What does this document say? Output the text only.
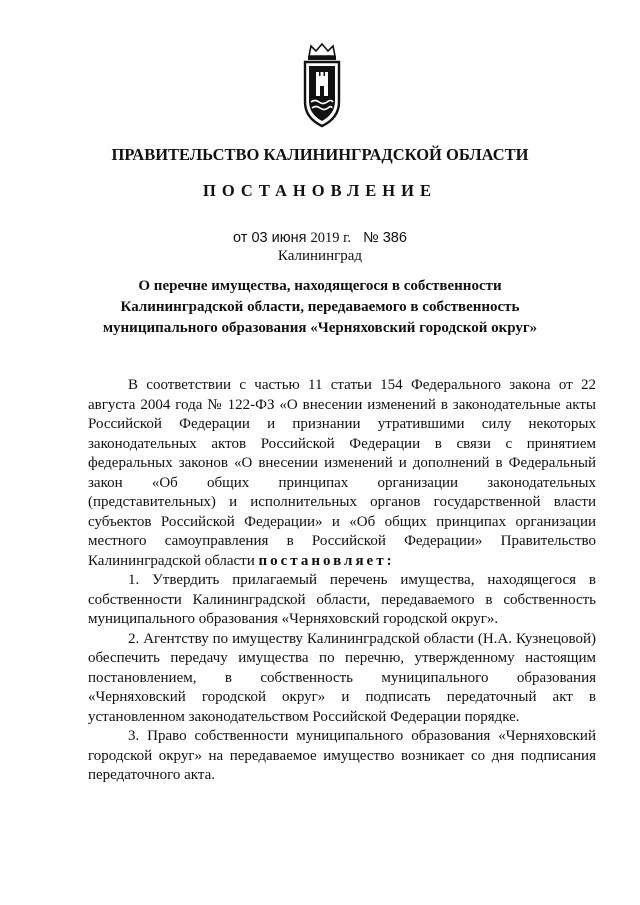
ПРАВИТЕЛЬСТВО КАЛИНИНГРАДСКОЙ ОБЛАСТИ
ПОСТАНОВЛЕНИЕ
от 03 июня 2019 г. № 386
Калининград
О перечне имущества, находящегося в собственности
Калининградской области, передаваемого в собственность
муниципального образования «Черняховский городской округ»

В соответствии с частью 11 статьи 154 Федерального закона от 22 августа 2004 года № 122-ФЗ «О внесении изменений в законодательные акты Российской Федерации и признании утратившими силу некоторых законодательных актов Российской Федерации в связи с принятием федеральных законов «О внесении изменений и дополнений в Федеральный закон «Об общих принципах организации законодательных (представительных) и исполнительных органов государственной власти субъектов Российской Федерации» и «Об общих принципах организации местного самоуправления в Российской Федерации» Правительство Калининградской области постановляет:

1. Утвердить прилагаемый перечень имущества, находящегося в собственности Калининградской области, передаваемого в собственность муниципального образования «Черняховский городской округ».

2. Агентству по имуществу Калининградской области (Н.А. Кузнецовой) обеспечить передачу имущества по перечню, утвержденному настоящим постановлением, в собственность муниципального образования «Черняховский городской округ» и подписать передаточный акт в установленном законодательством Российской Федерации порядке.

3. Право собственности муниципального образования «Черняховский городской округ» на передаваемое имущество возникает со дня подписания передаточного акта.
